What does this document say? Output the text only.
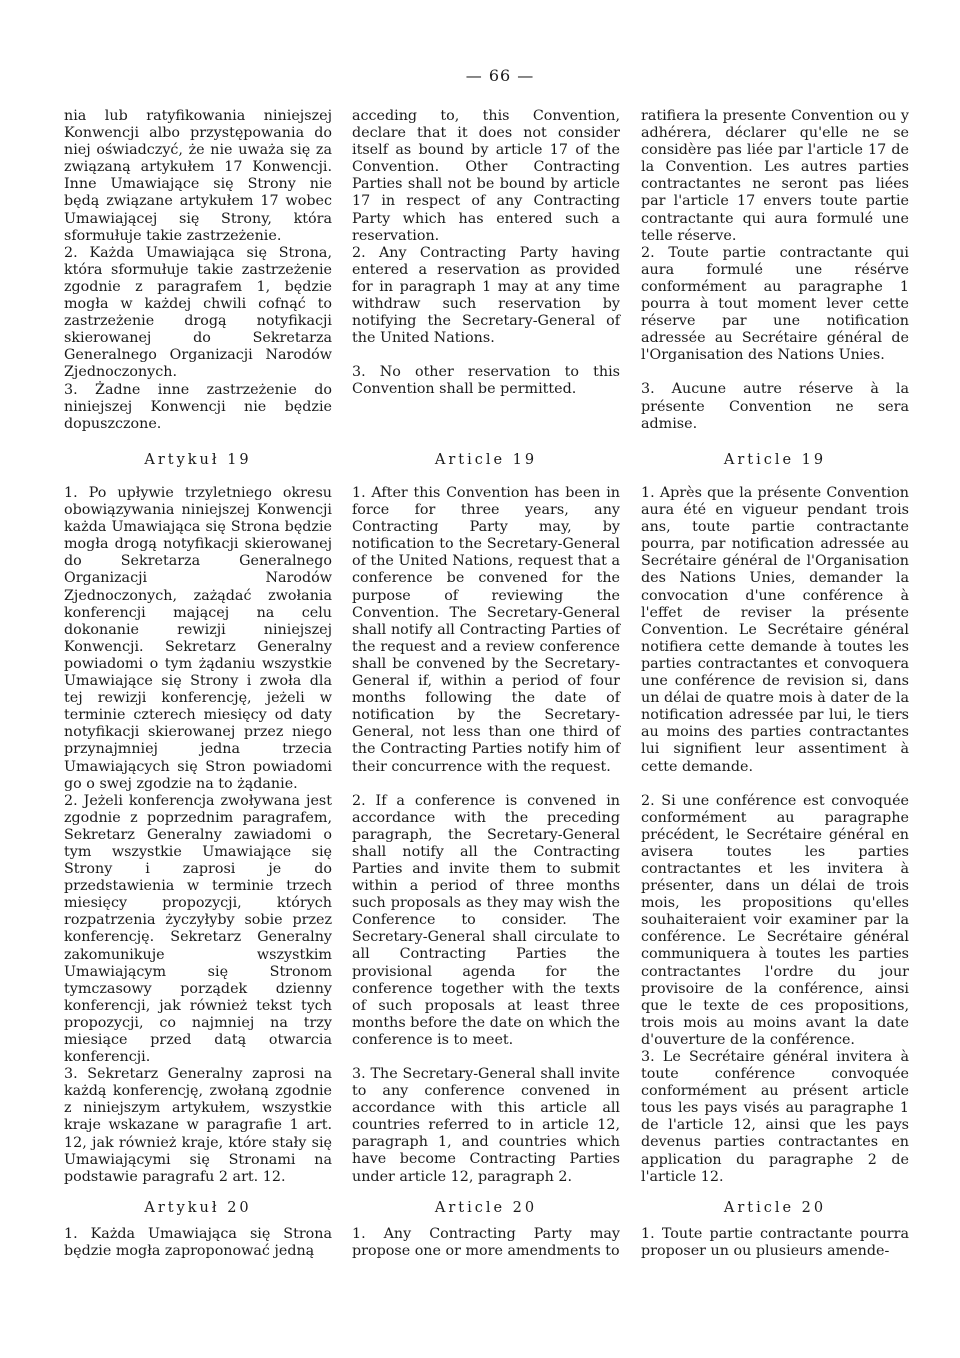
— 66 —

nia lub ratyfikowania niniejszej Konwencji albo przystępowania do niej oświadczyć, że nie uważa się za związaną artykułem 17 Konwencji. Inne Umawiające się Strony nie będą związane artykułem 17 wobec Umawiającej się Strony, która sformułuje takie zastrzeżenie.

2. Każda Umawiająca się Strona, która sformułuje takie zastrzeżenie zgodnie z paragrafem 1, będzie mogła w każdej chwili cofnąć to zastrzeżenie drogą notyfikacji skierowanej do Sekretarza Generalnego Organizacji Narodów Zjednoczonych.

3. Żadne inne zastrzeżenie do niniejszej Konwencji nie będzie dopuszczone.

Artykuł 19

1. Po upływie trzyletniego okresu obowiązywania niniejszej Konwencji każda Umawiająca się Strona będzie mogła drogą notyfikacji skierowanej do Sekretarza Generalnego Organizacji Narodów Zjednoczonych, zażądać zwołania konferencji mającej na celu dokonanie rewizji niniejszej Konwencji. Sekretarz Generalny powiadomi o tym żądaniu wszystkie Umawiające się Strony i zwoła dla tej rewizji konferencję, jeżeli w terminie czterech miesięcy od daty notyfikacji skierowanej przez niego przynajmniej jedna trzecia Umawiających się Stron powiadomi go o swej zgodzie na to żądanie.

2. Jeżeli konferencja zwoływana jest zgodnie z poprzednim paragrafem, Sekretarz Generalny zawiadomi o tym wszystkie Umawiające się Strony i zaprosi je do przedstawienia w terminie trzech miesięcy propozycji, których rozpatrzenia życzyłyby sobie przez konferencję. Sekretarz Generalny zakomunikuje wszystkim Umawiającym się Stronom tymczasowy porządek dzienny konferencji, jak również tekst tych propozycji, co najmniej na trzy miesiące przed datą otwarcia konferencji.

3. Sekretarz Generalny zaprosi na każdą konferencję, zwołaną zgodnie z niniejszym artykułem, wszystkie kraje wskazane w paragrafie 1 art. 12, jak również kraje, które stały się Umawiającymi się Stronami na podstawie paragrafu 2 art. 12.

Artykuł 20

1. Każda Umawiająca się Strona będzie mogła zaproponować jedną

acceding to, this Convention, declare that it does not consider itself as bound by article 17 of the Convention. Other Contracting Parties shall not be bound by article 17 in respect of any Contracting Party which has entered such a reservation.

2. Any Contracting Party having entered a reservation as provided for in paragraph 1 may at any time withdraw such reservation by notifying the Secretary-General of the United Nations.

3. No other reservation to this Convention shall be permitted.

Article 19

1. After this Convention has been in force for three years, any Contracting Party may, by notification to the Secretary-General of the United Nations, request that a conference be convened for the purpose of reviewing the Convention. The Secretary-General shall notify all Contracting Parties of the request and a review conference shall be convened by the Secretary-General if, within a period of four months following the date of notification by the Secretary-General, not less than one third of the Contracting Parties notify him of their concurrence with the request.

2. If a conference is convened in accordance with the preceding paragraph, the Secretary-General shall notify all the Contracting Parties and invite them to submit within a period of three months such proposals as they may wish the Conference to consider. The Secretary-General shall circulate to all Contracting Parties the provisional agenda for the conference together with the texts of such proposals at least three months before the date on which the conference is to meet.

3. The Secretary-General shall invite to any conference convened in accordance with this article all countries referred to in article 12, paragraph 1, and countries which have become Contracting Parties under article 12, paragraph 2.

Article 20

1. Any Contracting Party may propose one or more amendments to

ratifiera la presente Convention ou y adhérera, déclarer qu'elle ne se considère pas liée par l'article 17 de la Convention. Les autres parties contractantes ne seront pas liées par l'article 17 envers toute partie contractante qui aura formulé une telle réserve.

2. Toute partie contractante qui aura formulé une résérve conformément au paragraphe 1 pourra à tout moment lever cette réserve par une notification adressée au Secrétaire général de l'Organisation des Nations Unies.

3. Aucune autre réserve à la présente Convention ne sera admise.

Article 19

1. Après que la présente Convention aura été en vigueur pendant trois ans, toute partie contractante pourra, par notification adressée au Secrétaire général de l'Organisation des Nations Unies, demander la convocation d'une conférence à l'effet de reviser la présente Convention. Le Secrétaire général notifiera cette demande à toutes les parties contractantes et convoquera une conférence de revision si, dans un délai de quatre mois à dater de la notification adressée par lui, le tiers au moins des parties contractantes lui signifient leur assentiment à cette demande.

2. Si une conférence est convoquée conformément au paragraphe précédent, le Secrétaire général en avisera toutes les parties contractantes et les invitera à présenter, dans un délai de trois mois, les propositions qu'elles souhaiteraient voir examiner par la conférence. Le Secrétaire général communiquera à toutes les parties contractantes l'ordre du jour provisoire de la conférence, ainsi que le texte de ces propositions, trois mois au moins avant la date d'ouverture de la conférence.

3. Le Secrétaire général invitera à toute conférence convoquée conformément au présent article tous les pays visés au paragraphe 1 de l'article 12, ainsi que les pays devenus parties contractantes en application du paragraphe 2 de l'article 12.

Article 20

1. Toute partie contractante pourra proposer un ou plusieurs amende-
